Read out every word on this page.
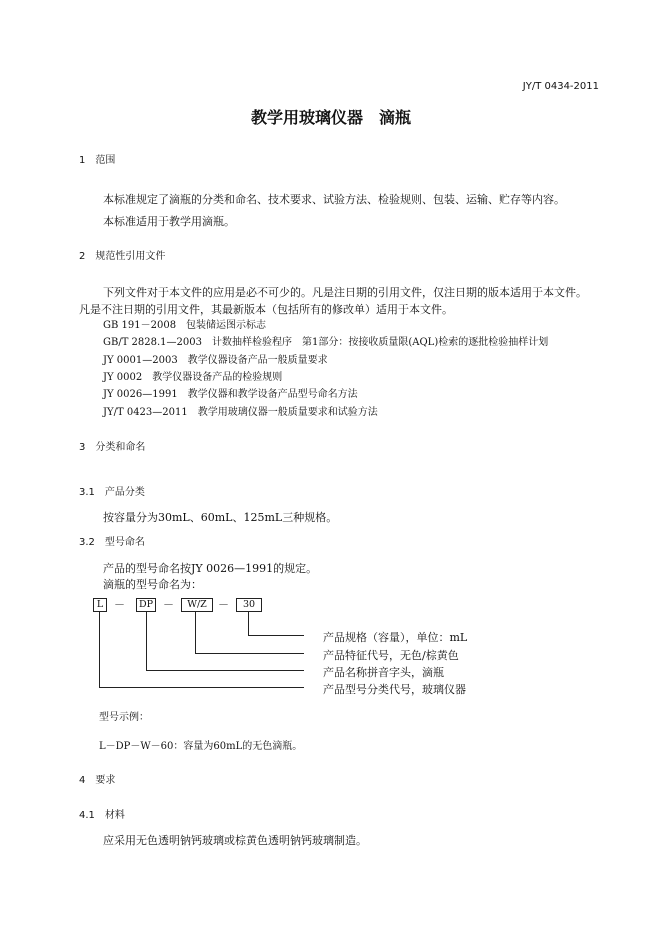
JY/T 0434-2011
教学用玻璃仪器　滴瓶
1　范围
本标准规定了滴瓶的分类和命名、技术要求、试验方法、检验规则、包装、运输、贮存等内容。
本标准适用于教学用滴瓶。
2　规范性引用文件
下列文件对于本文件的应用是必不可少的。凡是注日期的引用文件，仅注日期的版本适用于本文件。
凡是不注日期的引用文件，其最新版本（包括所有的修改单）适用于本文件。
GB 191－2008　包装储运图示标志
GB/T 2828.1—2003　计数抽样检验程序　第1部分：按接收质量限(AQL)检索的逐批检验抽样计划
JY 0001—2003　教学仪器设备产品一般质量要求
JY 0002　教学仪器设备产品的检验规则
JY 0026—1991　教学仪器和教学设备产品型号命名方法
JY/T 0423—2011　教学用玻璃仪器一般质量要求和试验方法
3　分类和命名
3.1　产品分类
按容量分为30mL、60mL、125mL三种规格。
3.2　型号命名
产品的型号命名按JY 0026—1991的规定。
滴瓶的型号命名为：
L －	DP －	W/Z	－	30
产品规格（容量），单位：mL
产品特征代号，无色/棕黄色
产品名称拼音字头，滴瓶
产品型号分类代号，玻璃仪器
型号示例：
L－DP－W－60：容量为60mL的无色滴瓶。
4　要求
4.1　材料
应采用无色透明钠钙玻璃或棕黄色透明钠钙玻璃制造。
